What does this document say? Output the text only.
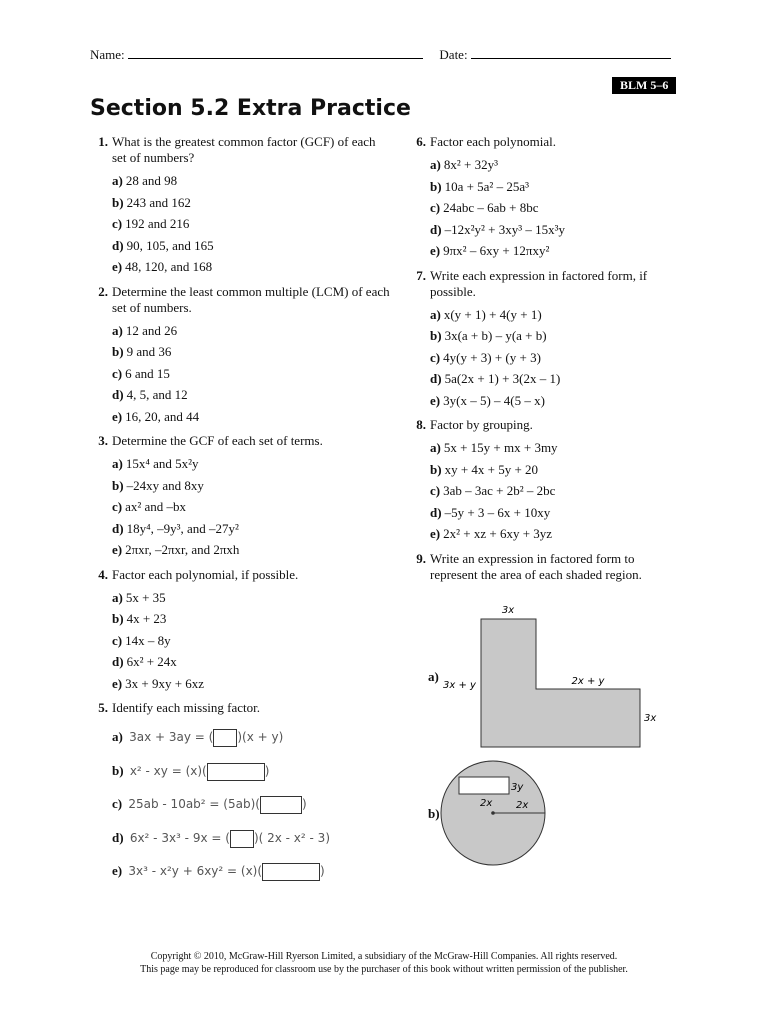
Name:	Date:
BLM 5–6
Section 5.2 Extra Practice
1. What is the greatest common factor (GCF) of each set of numbers?
a) 28 and 98
b) 243 and 162
c) 192 and 216
d) 90, 105, and 165
e) 48, 120, and 168
2. Determine the least common multiple (LCM) of each set of numbers.
a) 12 and 26
b) 9 and 36
c) 6 and 15
d) 4, 5, and 12
e) 16, 20, and 44
3. Determine the GCF of each set of terms.
a) 15x⁴ and 5x²y
b) –24xy and 8xy
c) ax² and –bx
d) 18y⁴, –9y³, and –27y²
e) 2πxr, –2πxr, and 2πxh
4. Factor each polynomial, if possible.
a) 5x + 35
b) 4x + 23
c) 14x – 8y
d) 6x² + 24x
e) 3x + 9xy + 6xz
5. Identify each missing factor.
a) 3ax + 3ay = ( )(x + y)
b) x² - xy = (x)(	)
c) 25ab - 10ab² = (5ab)(	)
d) 6x² - 3x³ - 9x = ( )( 2x - x² - 3)
e) 3x³ - x²y + 6xy² = (x)(	)
6. Factor each polynomial.
a) 8x² + 32y³
b) 10a + 5a² – 25a³
c) 24abc – 6ab + 8bc
d) –12x²y² + 3xy³ – 15x³y
e) 9πx² – 6xy + 12πxy²
7. Write each expression in factored form, if possible.
a) x(y + 1) + 4(y + 1)
b) 3x(a + b) – y(a + b)
c) 4y(y + 3) + (y + 3)
d) 5a(2x + 1) + 3(2x – 1)
e) 3y(x – 5) – 4(5 – x)
8. Factor by grouping.
a) 5x + 15y + mx + 3my
b) xy + 4x + 5y + 20
c) 3ab – 3ac + 2b² – 2bc
d) –5y + 3 – 6x + 10xy
e) 2x² + xz + 6xy + 3yz
9. Write an expression in factored form to represent the area of each shaded region.
a)
3x
3x + y	2x + y
3x
b)
3y
2x 2x
Copyright © 2010, McGraw-Hill Ryerson Limited, a subsidiary of the McGraw-Hill Companies. All rights reserved.
This page may be reproduced for classroom use by the purchaser of this book without written permission of the publisher.
